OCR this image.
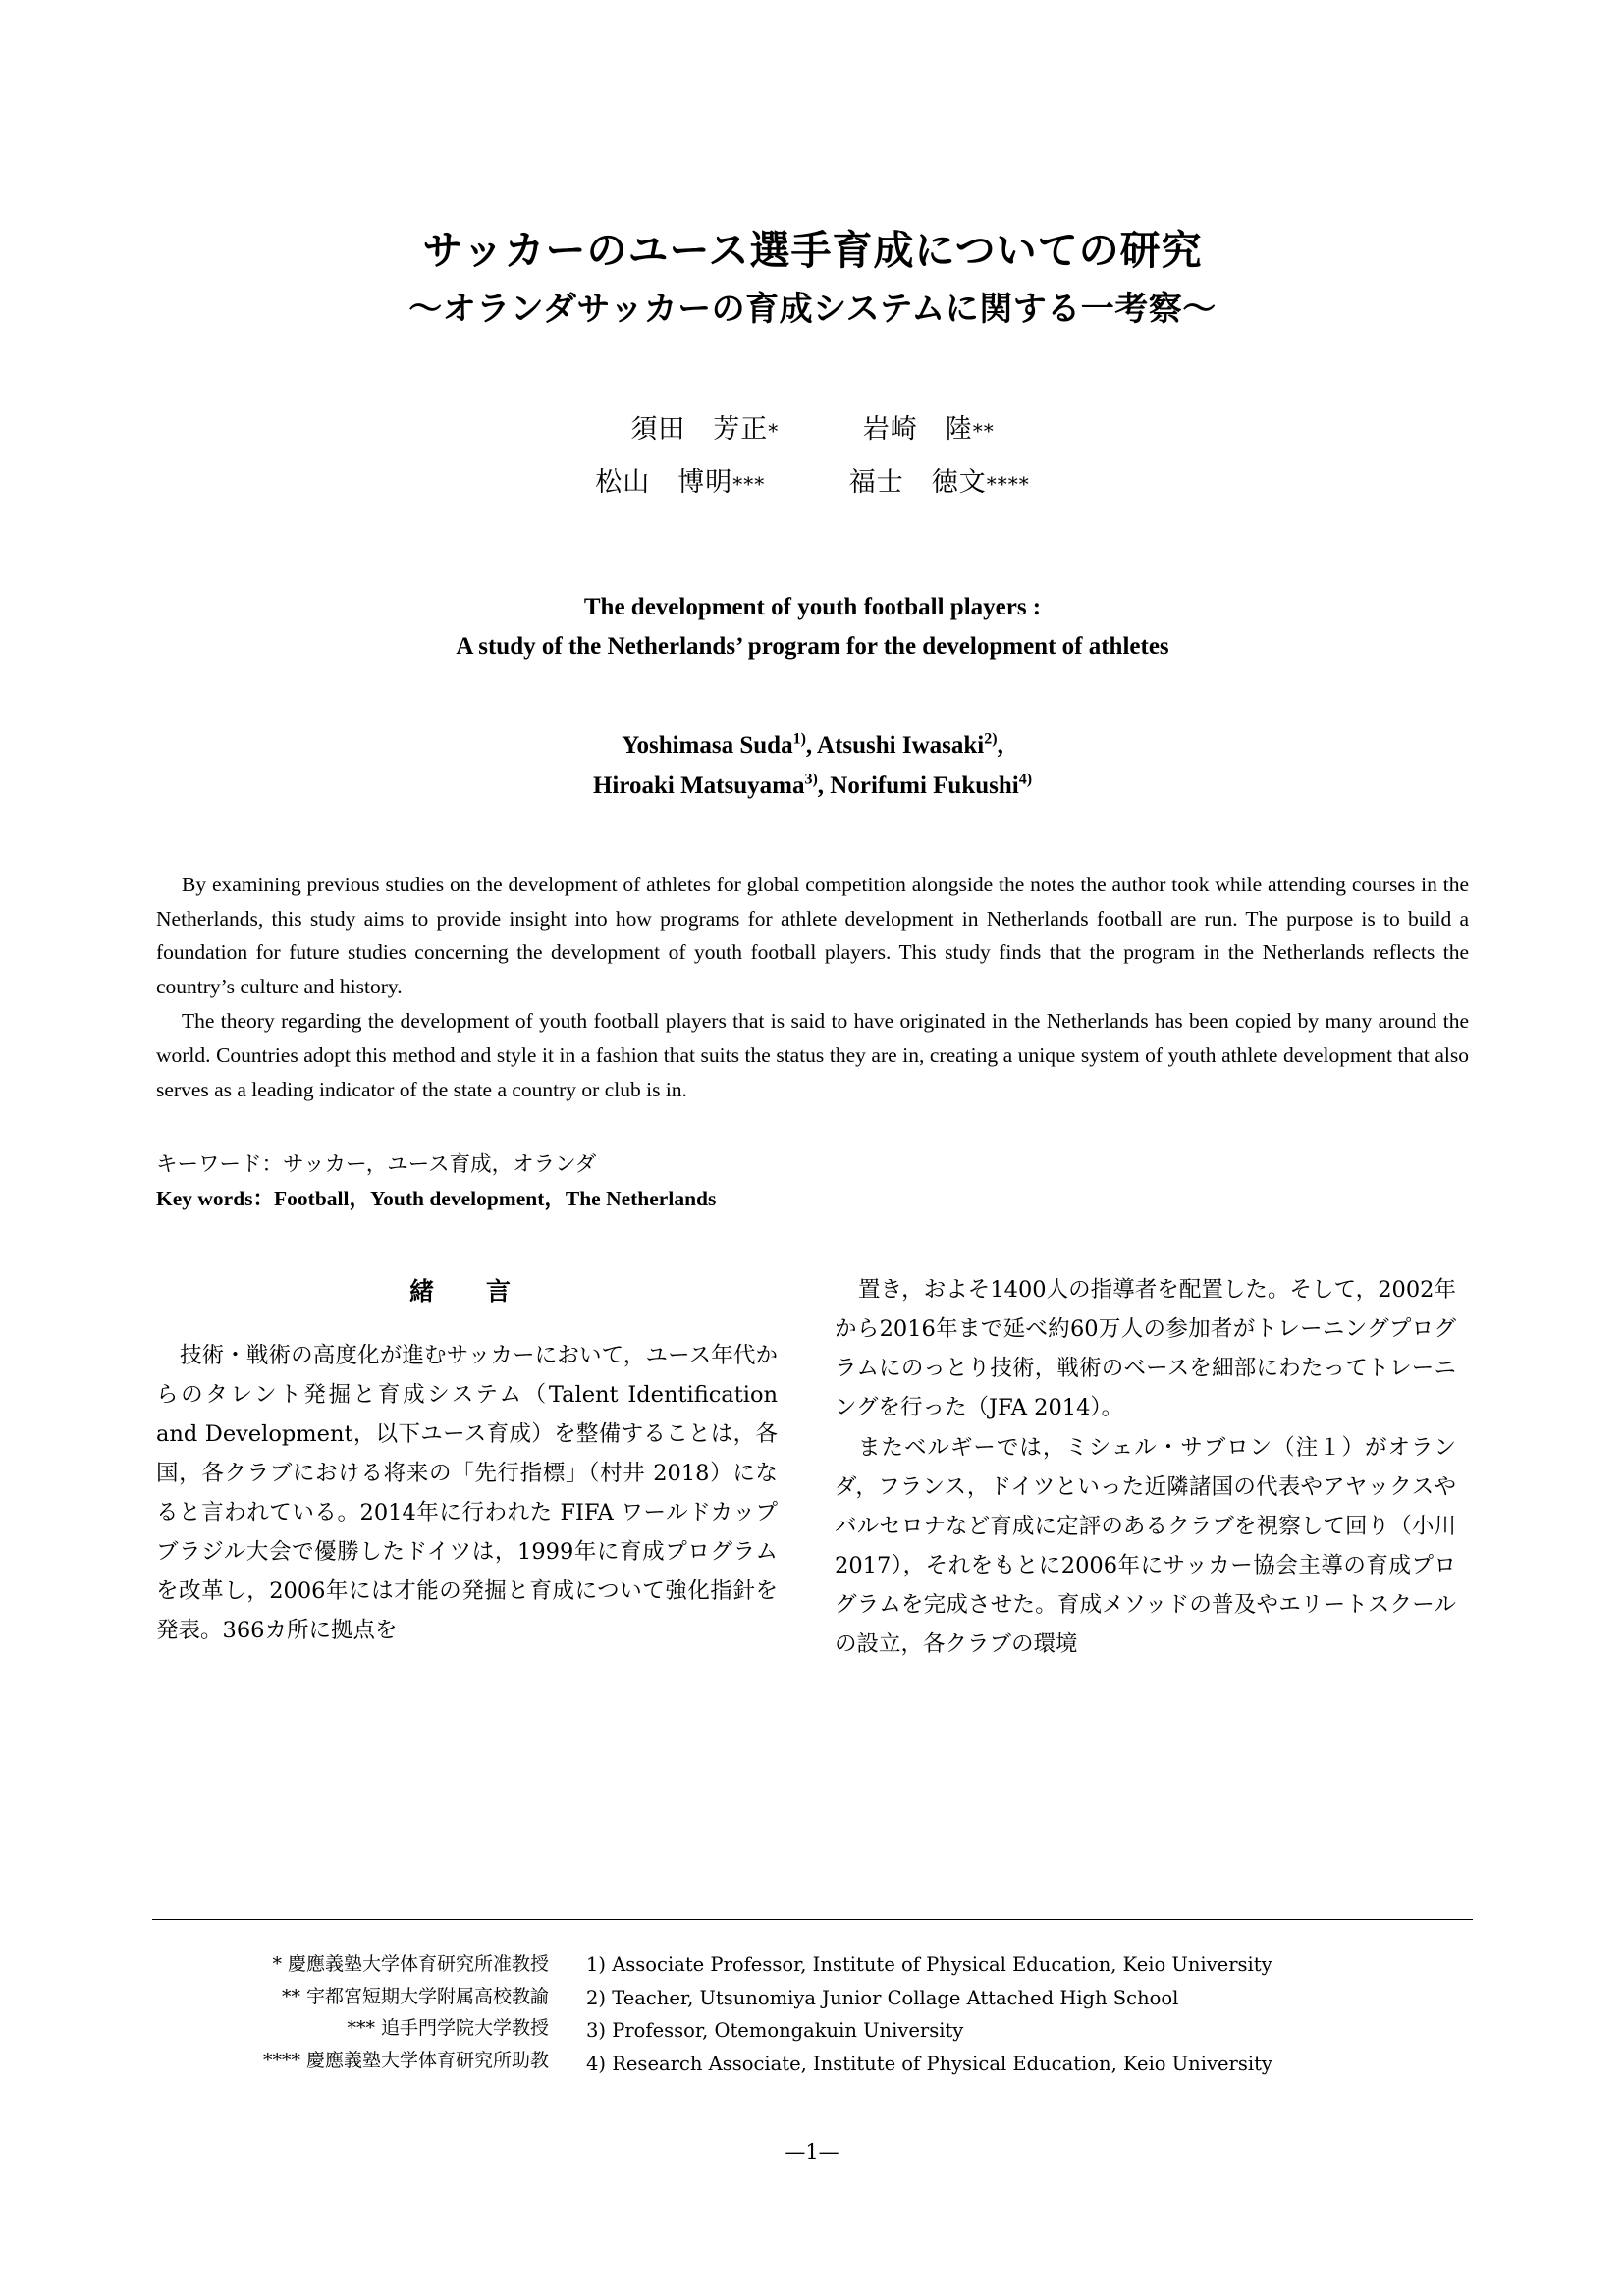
サッカーのユース選手育成についての研究
〜オランダサッカーの育成システムに関する一考察〜
須田　芳正*	岩崎　陸**
松山　博明***	福士　徳文****
The development of youth football players :
A study of the Netherlands’ program for the development of athletes
Yoshimasa Suda$^{1)}$, Atsushi Iwasaki$^{2)}$,
Hiroaki Matsuyama$^{3)}$, Norifumi Fukushi$^{4)}$

By examining previous studies on the development of athletes for global competition alongside the notes the author took while attending courses in the Netherlands, this study aims to provide insight into how programs for athlete development in Netherlands football are run. The purpose is to build a foundation for future studies concerning the development of youth football players. This study finds that the program in the Netherlands reflects the country’s culture and history.

The theory regarding the development of youth football players that is said to have originated in the Netherlands has been copied by many around the world. Countries adopt this method and style it in a fashion that suits the status they are in, creating a unique system of youth athlete development that also serves as a leading indicator of the state a country or club is in.

キーワード：サッカー，ユース育成，オランダ
Key words：Football，Youth development，The Netherlands
緒　言

技術・戦術の高度化が進むサッカーにおいて，ユース年代からのタレント発掘と育成システム（Talent Identification and Development，以下ユース育成）を整備することは，各国，各クラブにおける将来の「先行指標」（村井 2018）になると言われている。2014年に行われた FIFA ワールドカップブラジル大会で優勝したドイツは，1999年に育成プログラムを改革し，2006年には才能の発掘と育成について強化指針を発表。366カ所に拠点を

置き，およそ1400人の指導者を配置した。そして，2002年から2016年まで延べ約60万人の参加者がトレーニングプログラムにのっとり技術，戦術のベースを細部にわたってトレーニングを行った（JFA 2014）。

またベルギーでは，ミシェル・サブロン（注１）がオランダ，フランス，ドイツといった近隣諸国の代表やアヤックスやバルセロナなど育成に定評のあるクラブを視察して回り（小川 2017），それをもとに2006年にサッカー協会主導の育成プログラムを完成させた。育成メソッドの普及やエリートスクールの設立，各クラブの環境

* 慶應義塾大学体育研究所准教授
** 宇都宮短期大学附属高校教諭
*** 追手門学院大学教授
**** 慶應義塾大学体育研究所助教
1) Associate Professor, Institute of Physical Education, Keio University
2) Teacher, Utsunomiya Junior Collage Attached High School
3) Professor, Otemongakuin University
4) Research Associate, Institute of Physical Education, Keio University
—1—
